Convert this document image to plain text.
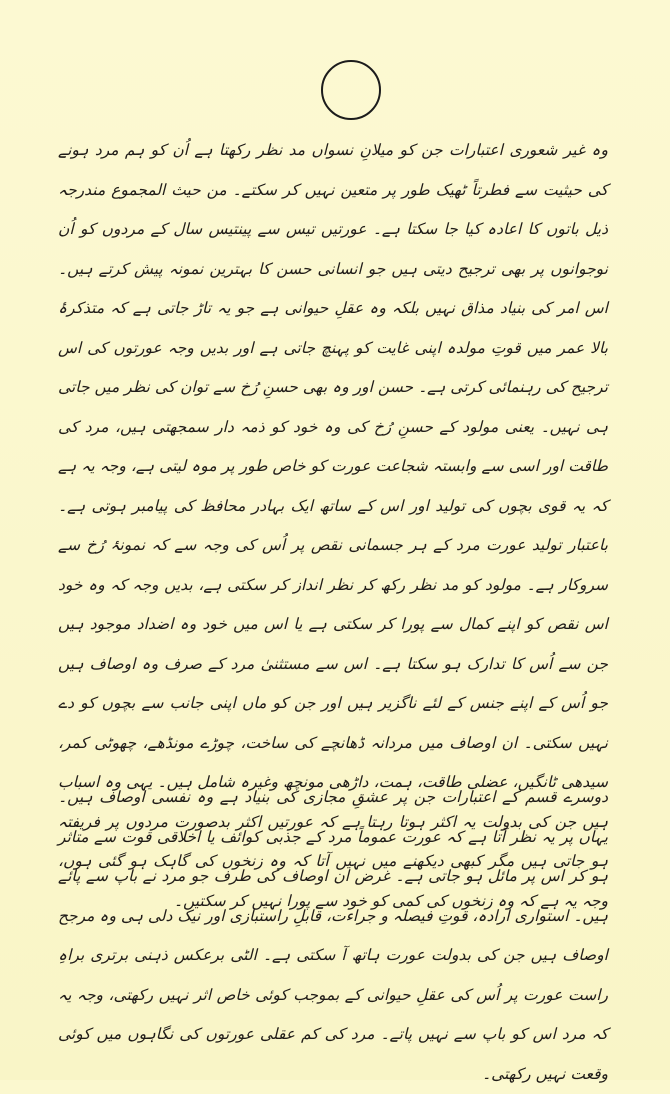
وہ غیر شعوری اعتبارات جن کو میلانِ نسواں مد نظر رکھتا ہے اُن کو ہم مرد ہونے کی حیثیت سے فطرتاً ٹھیک طور پر متعین نہیں کر سکتے۔ من حیث المجموع مندرجہ ذیل باتوں کا اعادہ کیا جا سکتا ہے۔ عورتیں تیس سے پینتیس سال کے مردوں کو اُن نوجوانوں پر بھی ترجیح دیتی ہیں جو انسانی حسن کا بہترین نمونہ پیش کرتے ہیں۔ اس امر کی بنیاد مذاق نہیں بلکہ وہ عقلِ حیوانی ہے جو یہ تاڑ جاتی ہے کہ متذکرۂ بالا عمر میں قوتِ مولدہ اپنی غایت کو پہنچ جاتی ہے اور بدیں وجہ عورتوں کی اس ترجیح کی رہنمائی کرتی ہے۔ حسن اور وہ بھی حسنِ رُخ سے توان کی نظر میں جاتی ہی نہیں۔ یعنی مولود کے حسنِ رُخ کی وہ خود کو ذمہ دار سمجھتی ہیں، مرد کی طاقت اور اسی سے وابستہ شجاعت عورت کو خاص طور پر موہ لیتی ہے، وجہ یہ ہے کہ یہ قوی بچوں کی تولید اور اس کے ساتھ ایک بہادر محافظ کی پیامبر ہوتی ہے۔ باعتبار تولید عورت مرد کے ہر جسمانی نقص پر اُس کی وجہ سے کہ نمونۂ رُخ سے سروکار ہے۔ مولود کو مد نظر رکھ کر نظر انداز کر سکتی ہے، بدیں وجہ کہ وہ خود اس نقص کو اپنے کمال سے پورا کر سکتی ہے یا اس میں خود وہ اضداد موجود ہیں جن سے اُس کا تدارک ہو سکتا ہے۔ اس سے مستثنیٰ مرد کے صرف وہ اوصاف ہیں جو اُس کے اپنے جنس کے لئے ناگزیر ہیں اور جن کو ماں اپنی جانب سے بچوں کو دے نہیں سکتی۔ ان اوصاف میں مردانہ ڈھانچے کی ساخت، چوڑے مونڈھے، چھوٹی کمر، سیدھی ٹانگیں، عضلی طاقت، ہمت، داڑھی مونچھ وغیرہ شامل ہیں۔ یہی وہ اسباب ہیں جن کی بدولت یہ اکثر ہوتا رہتا ہے کہ عورتیں اکثر بدصورت مردوں پر فریفتہ ہو جاتی ہیں مگر کبھی دیکھنے میں نہیں آتا کہ وہ زنخوں کی گاہک ہو گئی ہوں، وجہ یہ ہے کہ وہ زنخوں کی کمی کو خود سے پورا نہیں کر سکتیں۔
دوسرے قسم کے اعتبارات جن پر عشقِ مجازی کی بنیاد ہے وہ نفسی اوصاف ہیں۔ یہاں پر یہ نظر آتا ہے کہ عورت عموماً مرد کے جذبی کوائف یا اخلاقی قوت سے متاثر ہو کر اس پر مائل ہو جاتی ہے۔ غرض ان اوصاف کی طرف جو مرد نے باپ سے پائے ہیں۔ استواری ارادہ، قوتِ فیصلہ و جراءت، قابلِ راستبازی اور نیک دلی ہی وہ مرجح اوصاف ہیں جن کی بدولت عورت ہاتھ آ سکتی ہے۔ الٹی برعکس ذہنی برتری براہِ راست عورت پر اُس کی عقلِ حیوانی کے بموجب کوئی خاص اثر نہیں رکھتی، وجہ یہ کہ مرد اس کو باپ سے نہیں پاتے۔ مرد کی کم عقلی عورتوں کی نگاہوں میں کوئی وقعت نہیں رکھتی۔
